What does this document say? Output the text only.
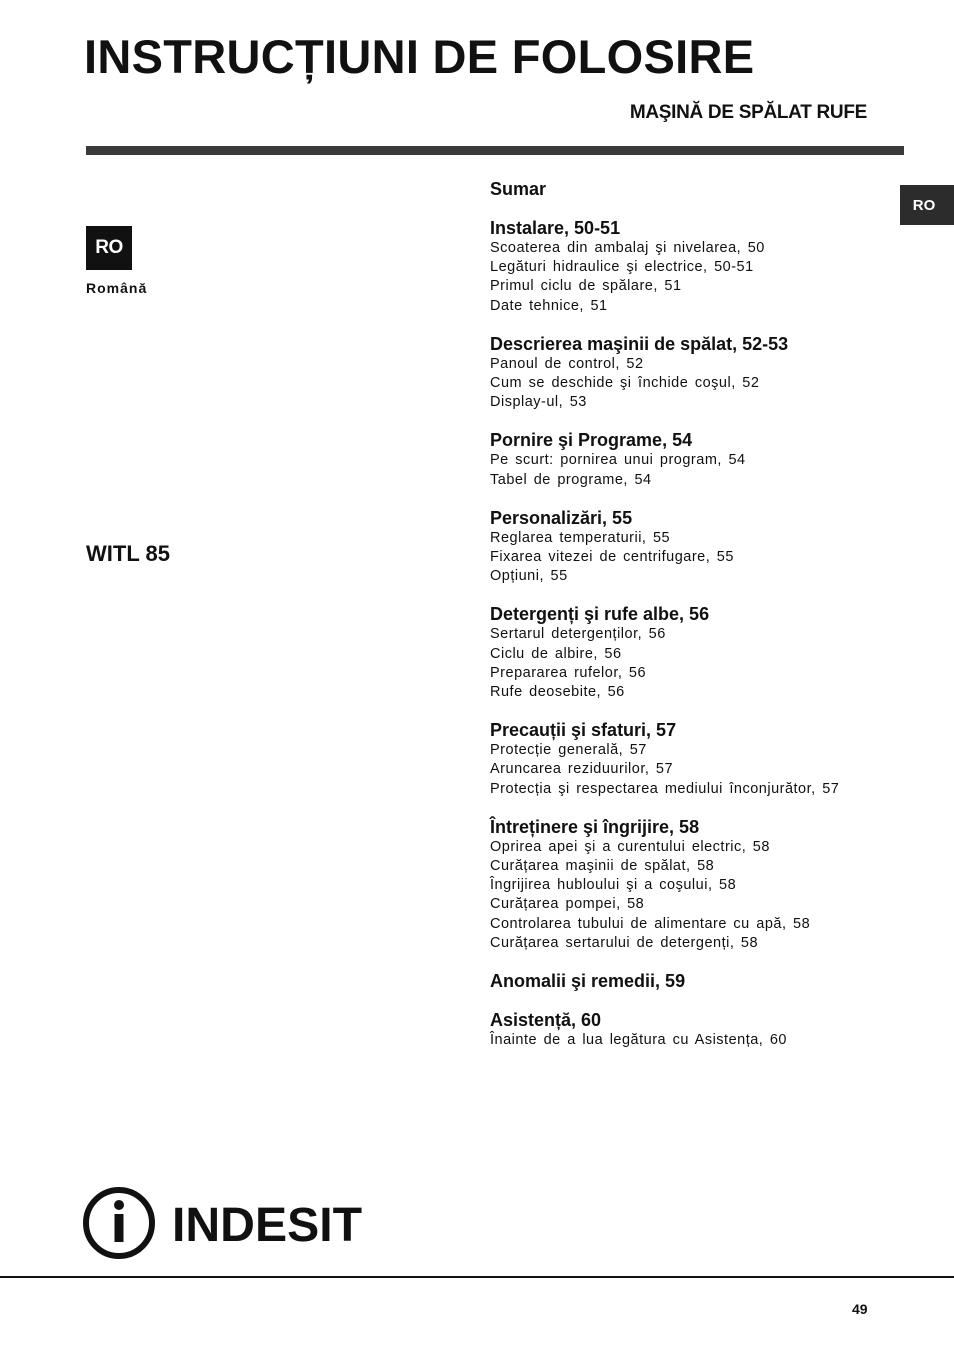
INSTRUCȚIUNI DE FOLOSIRE
MAŞINĂ DE SPĂLAT RUFE
RO
RO
Română
WITL 85
Sumar
Instalare, 50-51
Scoaterea din ambalaj şi nivelarea, 50
Legături hidraulice şi electrice, 50-51
Primul ciclu de spălare, 51
Date tehnice, 51
Descrierea maşinii de spălat, 52-53
Panoul de control, 52
Cum se deschide şi închide coşul, 52
Display-ul, 53
Pornire şi Programe, 54
Pe scurt: pornirea unui program, 54
Tabel de programe, 54
Personalizări, 55
Reglarea temperaturii, 55
Fixarea vitezei de centrifugare, 55
Opțiuni, 55
Detergenți şi rufe albe, 56
Sertarul detergenților, 56
Ciclu de albire, 56
Prepararea rufelor, 56
Rufe deosebite, 56
Precauții şi sfaturi, 57
Protecție generală, 57
Aruncarea reziduurilor, 57
Protecția şi respectarea mediului înconjurător, 57
Întreținere şi îngrijire, 58
Oprirea apei şi a curentului electric, 58
Curățarea maşinii de spălat, 58
Îngrijirea hubloului şi a coşului, 58
Curățarea pompei, 58
Controlarea tubului de alimentare cu apă, 58
Curățarea sertarului de detergenți, 58
Anomalii şi remedii, 59
Asistență, 60
Înainte de a lua legătura cu Asistența, 60
INDESIT
49
